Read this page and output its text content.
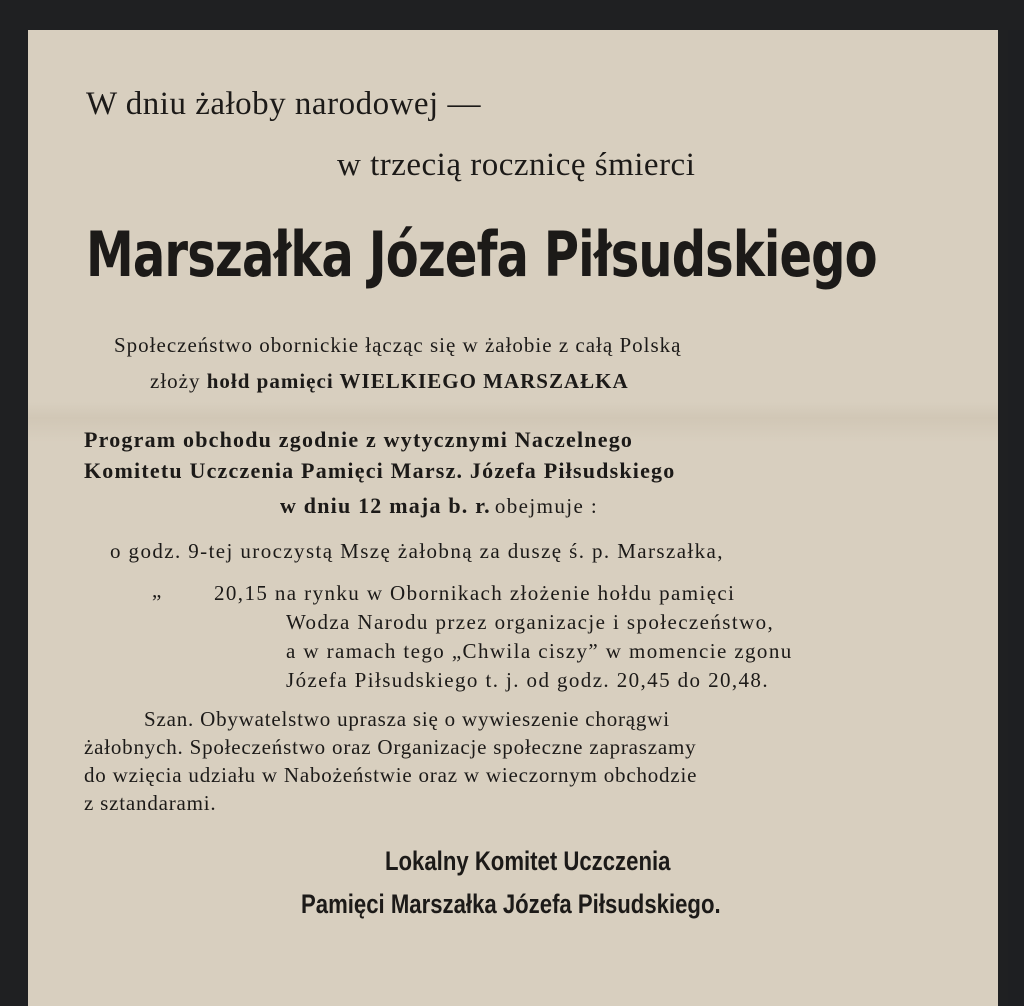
W dniu żałoby narodowej —
w trzecią rocznicę śmierci
Marszałka Józefa Piłsudskiego
Społeczeństwo obornickie łącząc się w żałobie z całą Polską
złoży hołd pamięci WIELKIEGO MARSZAŁKA
Program obchodu zgodnie z wytycznymi Naczelnego
Komitetu Uczczenia Pamięci Marsz. Józefa Piłsudskiego
w dniu 12 maja b. r. obejmuje :
o godz. 9-tej uroczystą Mszę żałobną za duszę ś. p. Marszałka,
„ 20,15 na rynku w Obornikach złożenie hołdu pamięci
Wodza Narodu przez organizacje i społeczeństwo,
a w ramach tego „Chwila ciszy” w momencie zgonu
Józefa Piłsudskiego t. j. od godz. 20,45 do 20,48.
Szan. Obywatelstwo uprasza się o wywieszenie chorągwi
żałobnych. Społeczeństwo oraz Organizacje społeczne zapraszamy
do wzięcia udziału w Nabożeństwie oraz w wieczornym obchodzie
z sztandarami.
Lokalny Komitet Uczczenia
Pamięci Marszałka Józefa Piłsudskiego.
